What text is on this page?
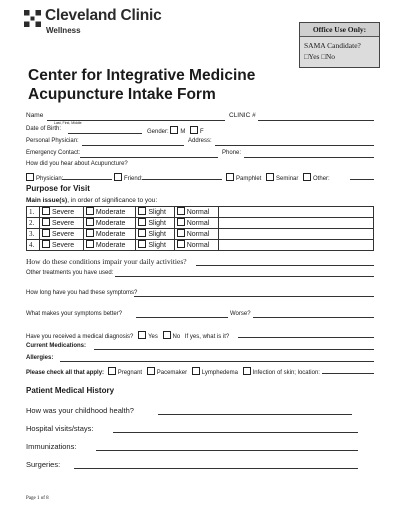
Cleveland Clinic
Wellness	Office Use Only:
SAMA Candidate?
□Yes □No
Center for Integrative Medicine
Acupuncture Intake Form
Name
Last, First, Middle
CLINIC #
Date of Birth:	Gender: M F
Personal Physician:	Address:
Emergency Contact:	Phone:
How did you hear about Acupuncture?
Physician:	Friend:	Pamphlet Seminar Other:
Purpose for Visit
Main issue(s), in order of significance to you:
1.	Severe	Moderate	Slight	Normal	
2.	Severe	Moderate	Slight	Normal	
3.	Severe	Moderate	Slight	Normal	
4.	Severe	Moderate	Slight	Normal	
How do these conditions impair your daily activities?
Other treatments you have used:
How long have you had these symptoms?
What makes your symptoms better?	Worse?
Have you received a medical diagnosis? Yes No If yes, what is it?
Current Medications:
Allergies:
Please check all that apply: Pregnant Pacemaker Lymphedema Infection of skin; location:
Patient Medical History
How was your childhood health?
Hospital visits/stays:
Immunizations:
Surgeries:
Page 1 of 8
